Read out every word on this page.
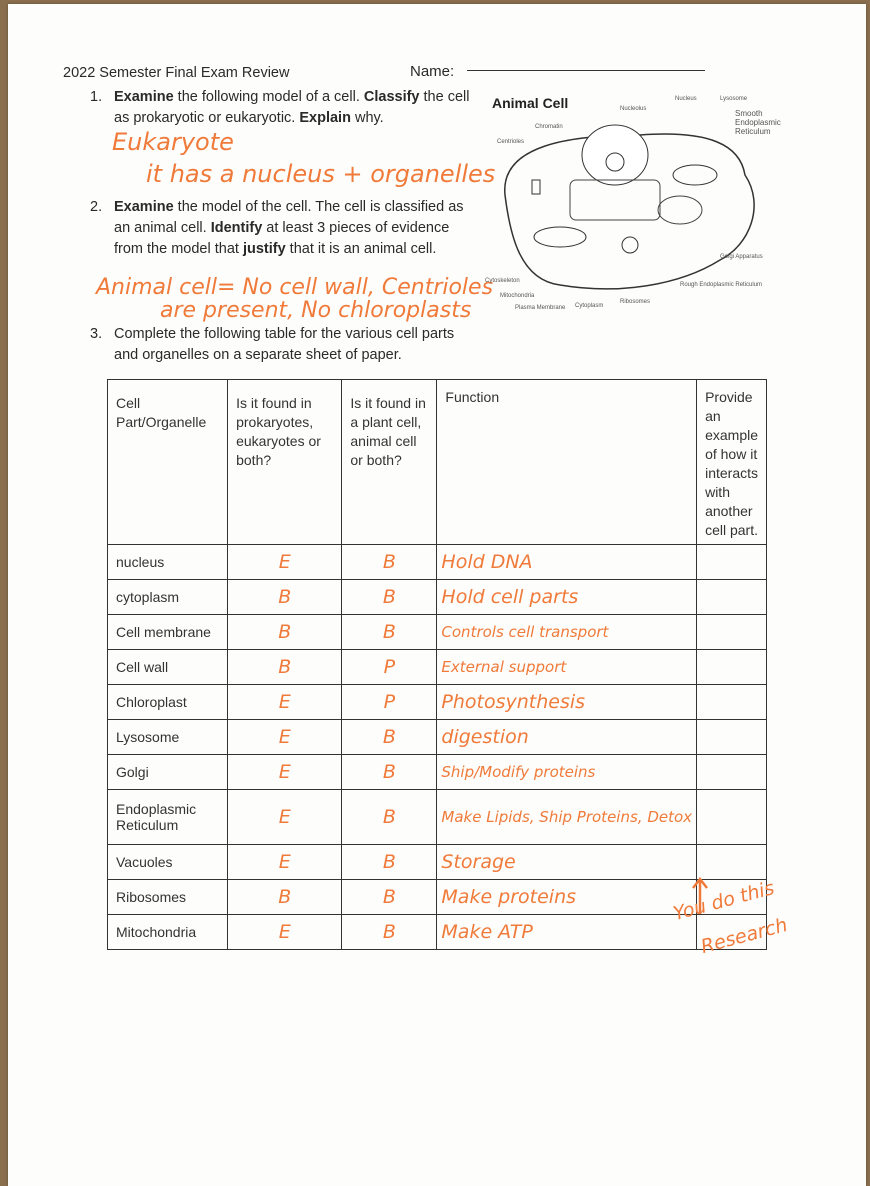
2022 Semester Final Exam Review	Name:
1. Examine the following model of a cell. Classify the cell as prokaryotic or eukaryotic. Explain why.
Eukaryote
it has a nucleus + organelles
2. Examine the model of the cell. The cell is classified as an animal cell. Identify at least 3 pieces of evidence from the model that justify that it is an animal cell.
Animal cell= No cell wall, Centrioles
are present, No chloroplasts
3. Complete the following table for the various cell parts and organelles on a separate sheet of paper.
Animal Cell	Nucleus	Lysosome
Nucleolus
Chromatin
Centrioles
Golgi Apparatus
Cytoskeleton
Mitochondria
Plasma Membrane Cytoplasm
Ribosomes
Rough Endoplasmic Reticulum
Smooth Endoplasmic Reticulum
Cell Part/Organelle	Is it found in prokaryotes, eukaryotes or both?	Is it found in a plant cell, animal cell or both?	Function	Provide an example of how it interacts with another cell part.
nucleus	E	B	Hold DNA	
cytoplasm	B	B	Hold cell parts	
Cell membrane	B	B	Controls cell transport	
Cell wall	B	P	External support	
Chloroplast	E	P	Photosynthesis	
Lysosome	E	B	digestion	
Golgi	E	B	Ship/Modify proteins	
Endoplasmic Reticulum	E	B	Make Lipids, Ship Proteins, Detox	
Vacuoles	E	B	Storage	
Ribosomes	B	B	Make proteins	
Mitochondria	E	B	Make ATP	
You do this
Research
